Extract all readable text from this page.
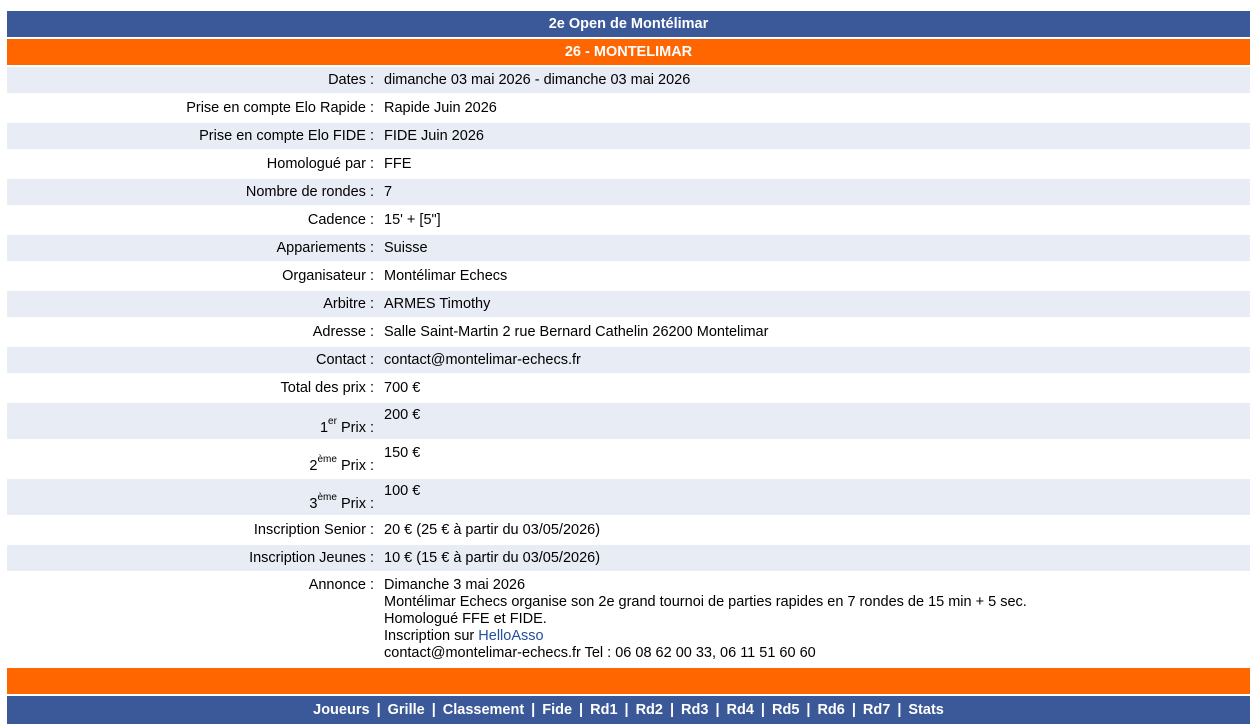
2e Open de Montélimar
26 - MONTELIMAR
Dates :	dimanche 03 mai 2026 - dimanche 03 mai 2026
Prise en compte Elo Rapide :	Rapide Juin 2026
Prise en compte Elo FIDE :	FIDE Juin 2026
Homologué par :	FFE
Nombre de rondes :	7
Cadence :	15' + [5"]
Appariements :	Suisse
Organisateur :	Montélimar Echecs
Arbitre :	ARMES Timothy
Adresse :	Salle Saint-Martin 2 rue Bernard Cathelin 26200 Montelimar
Contact :	contact@montelimar-echecs.fr
Total des prix :	700 €
1er Prix :	200 €
2ème Prix :	150 €
3ème Prix :	100 €
Inscription Senior :	20 € (25 € à partir du 03/05/2026)
Inscription Jeunes :	10 € (15 € à partir du 03/05/2026)
Annonce :	Dimanche 3 mai 2026
Montélimar Echecs organise son 2e grand tournoi de parties rapides en 7 rondes de 15 min + 5 sec.
Homologué FFE et FIDE.
Inscription sur HelloAsso
contact@montelimar-echecs.fr Tel : 06 08 62 00 33, 06 11 51 60 60
Joueurs | Grille | Classement | Fide | Rd1 | Rd2 | Rd3 | Rd4 | Rd5 | Rd6 | Rd7 | Stats
